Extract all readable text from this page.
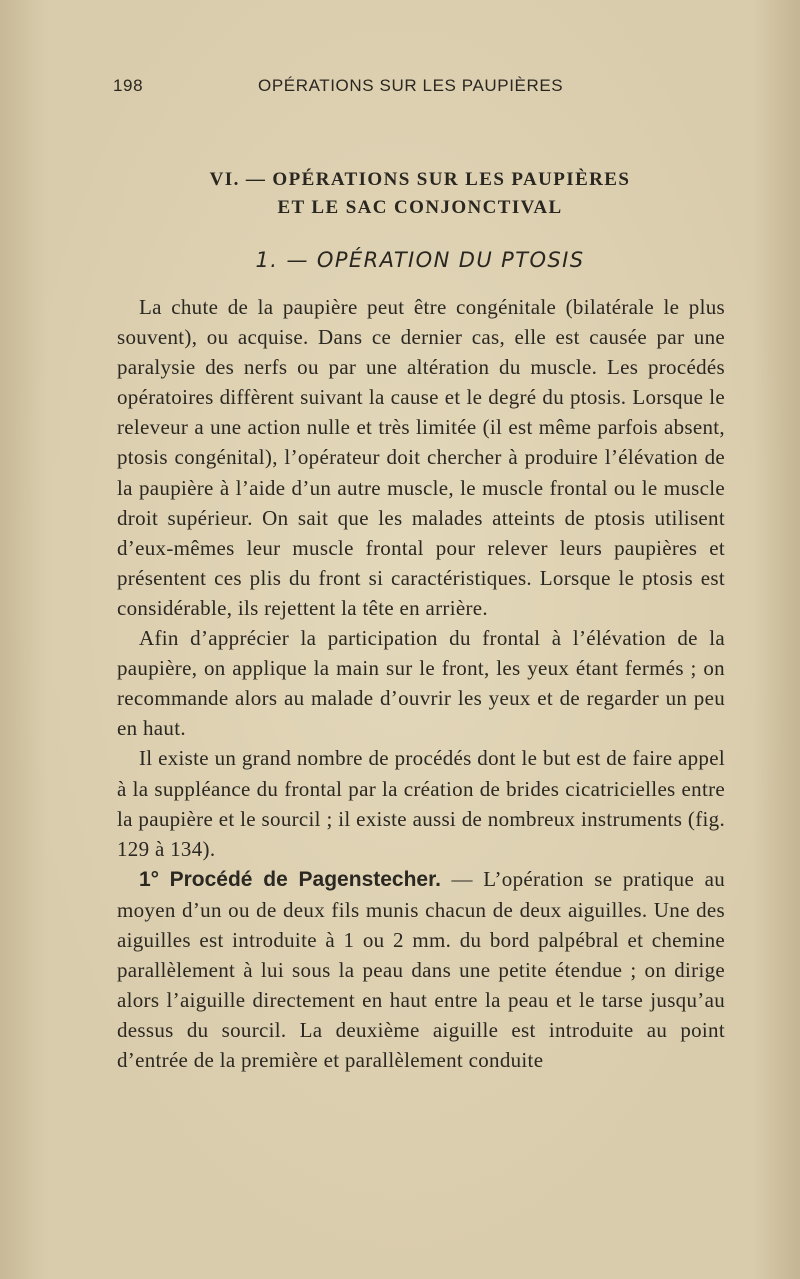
198	OPÉRATIONS SUR LES PAUPIÈRES
VI. — OPÉRATIONS SUR LES PAUPIÈRES
ET LE SAC CONJONCTIVAL
1. — OPÉRATION DU PTOSIS

La chute de la paupière peut être congénitale (bilatérale le plus souvent), ou acquise. Dans ce dernier cas, elle est causée par une paralysie des nerfs ou par une altération du muscle. Les procédés opératoires diffèrent suivant la cause et le degré du ptosis. Lorsque le releveur a une action nulle et très limitée (il est même parfois absent, ptosis congénital), l’opérateur doit chercher à produire l’élévation de la paupière à l’aide d’un autre muscle, le muscle frontal ou le muscle droit supérieur. On sait que les malades atteints de ptosis utilisent d’eux-mêmes leur muscle frontal pour relever leurs paupières et présentent ces plis du front si caractéristiques. Lorsque le ptosis est considérable, ils rejettent la tête en arrière.

Afin d’apprécier la participation du frontal à l’élévation de la paupière, on applique la main sur le front, les yeux étant fermés ; on recommande alors au malade d’ouvrir les yeux et de regarder un peu en haut.

Il existe un grand nombre de procédés dont le but est de faire appel à la suppléance du frontal par la création de brides cicatricielles entre la paupière et le sourcil ; il existe aussi de nombreux instruments (fig. 129 à 134).

1° Procédé de Pagenstecher. — L’opération se pratique au moyen d’un ou de deux fils munis chacun de deux aiguilles. Une des aiguilles est introduite à 1 ou 2 mm. du bord palpébral et chemine parallèlement à lui sous la peau dans une petite étendue ; on dirige alors l’aiguille directement en haut entre la peau et le tarse jusqu’au dessus du sourcil. La deuxième aiguille est introduite au point d’entrée de la première et parallèlement conduite
